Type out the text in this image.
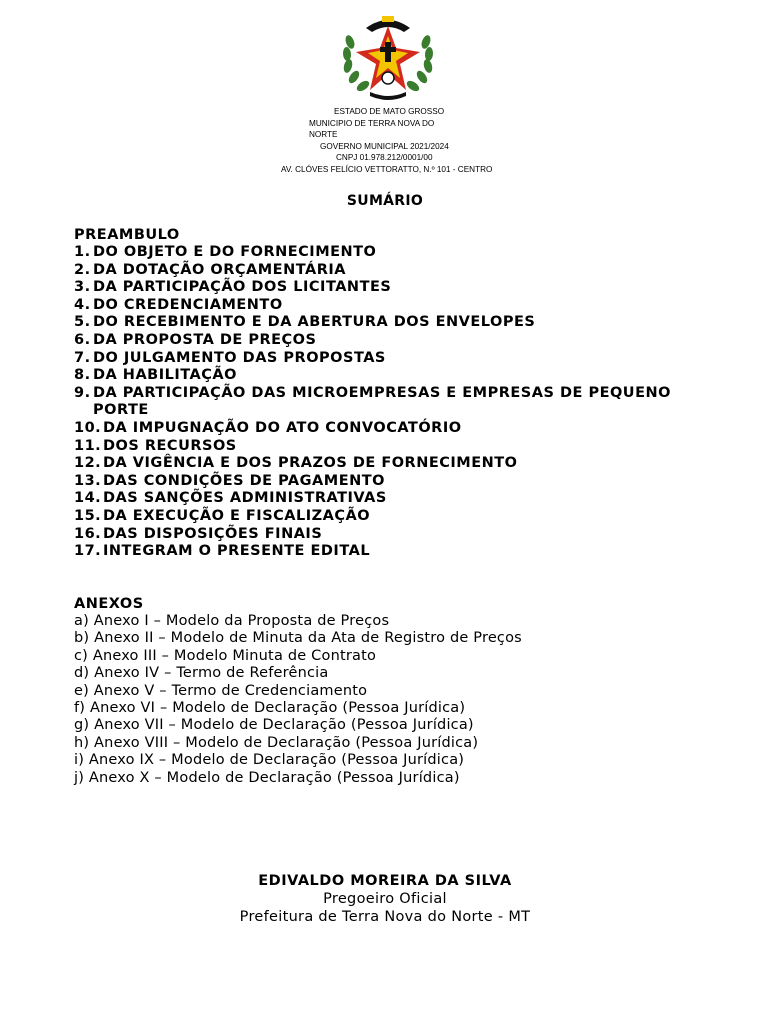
ESTADO DE MATO GROSSO
MUNICIPIO DE TERRA NOVA DO
NORTE
GOVERNO MUNICIPAL 2021/2024
CNPJ 01.978.212/0001/00
AV. CLÓVES FELÍCIO VETTORATTO, N.º 101 - CENTRO
SUMÁRIO
PREAMBULO
1. DO OBJETO E DO FORNECIMENTO
2. DA DOTAÇÃO ORÇAMENTÁRIA
3. DA PARTICIPAÇÃO DOS LICITANTES
4. DO CREDENCIAMENTO
5. DO RECEBIMENTO E DA ABERTURA DOS ENVELOPES
6. DA PROPOSTA DE PREÇOS
7. DO JULGAMENTO DAS PROPOSTAS
8. DA HABILITAÇÃO
9. DA PARTICIPAÇÃO DAS MICROEMPRESAS E EMPRESAS DE PEQUENO PORTE
10. DA IMPUGNAÇÃO DO ATO CONVOCATÓRIO
11. DOS RECURSOS
12. DA VIGÊNCIA E DOS PRAZOS DE FORNECIMENTO
13. DAS CONDIÇÕES DE PAGAMENTO
14. DAS SANÇÕES ADMINISTRATIVAS
15. DA EXECUÇÃO E FISCALIZAÇÃO
16. DAS DISPOSIÇÕES FINAIS
17. INTEGRAM O PRESENTE EDITAL
ANEXOS
a) Anexo I – Modelo da Proposta de Preços
b) Anexo II – Modelo de Minuta da Ata de Registro de Preços
c) Anexo III – Modelo Minuta de Contrato
d) Anexo IV – Termo de Referência
e) Anexo V – Termo de Credenciamento
f) Anexo VI – Modelo de Declaração (Pessoa Jurídica)
g) Anexo VII – Modelo de Declaração (Pessoa Jurídica)
h) Anexo VIII – Modelo de Declaração (Pessoa Jurídica)
i) Anexo IX – Modelo de Declaração (Pessoa Jurídica)
j) Anexo X – Modelo de Declaração (Pessoa Jurídica)
EDIVALDO MOREIRA DA SILVA
Pregoeiro Oficial
Prefeitura de Terra Nova do Norte - MT
